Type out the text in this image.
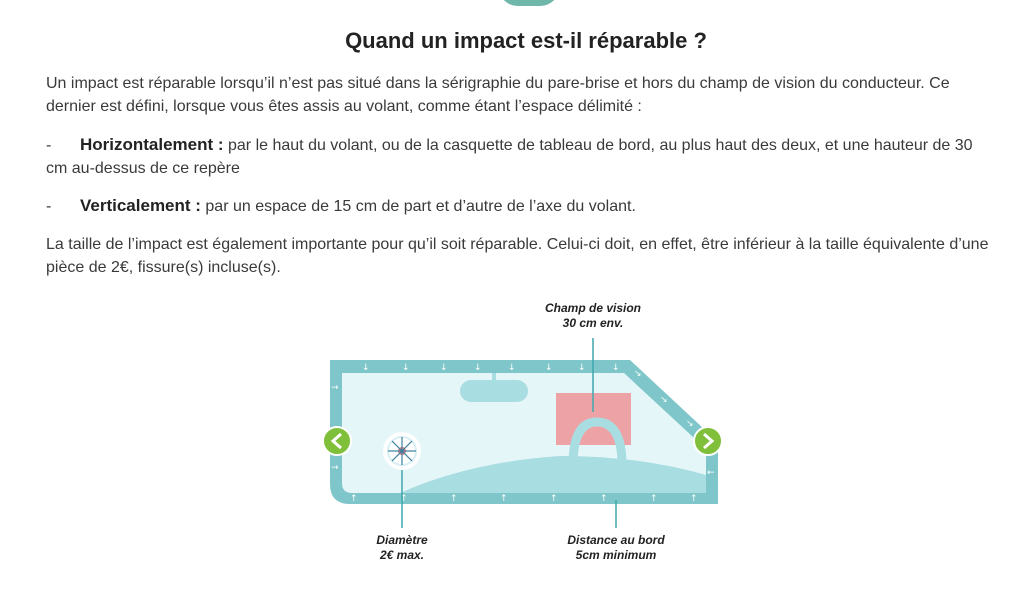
Quand un impact est-il réparable ?

Un impact est réparable lorsqu’il n’est pas situé dans la sérigraphie du pare-brise et hors du champ de vision du conducteur. Ce dernier est défini, lorsque vous êtes assis au volant, comme étant l’espace délimité :

- Horizontalement : par le haut du volant, ou de la casquette de tableau de bord, au plus haut des deux, et une hauteur de 30 cm au-dessus de ce repère

- Verticalement : par un espace de 15 cm de part et d’autre de l’axe du volant.

La taille de l’impact est également importante pour qu’il soit réparable. Celui-ci doit, en effet, être inférieur à la taille équivalente d’une pièce de 2€, fissure(s) incluse(s).

↓	↓	↓	↓	↓	↓	↓	↓
↑	↑	↑	↑	↑	↑	↑	↑
→
→	←
↘
↘
↘
Champ de vision
30 cm env.
Diamètre
2€ max.
Distance au bord
5cm minimum
